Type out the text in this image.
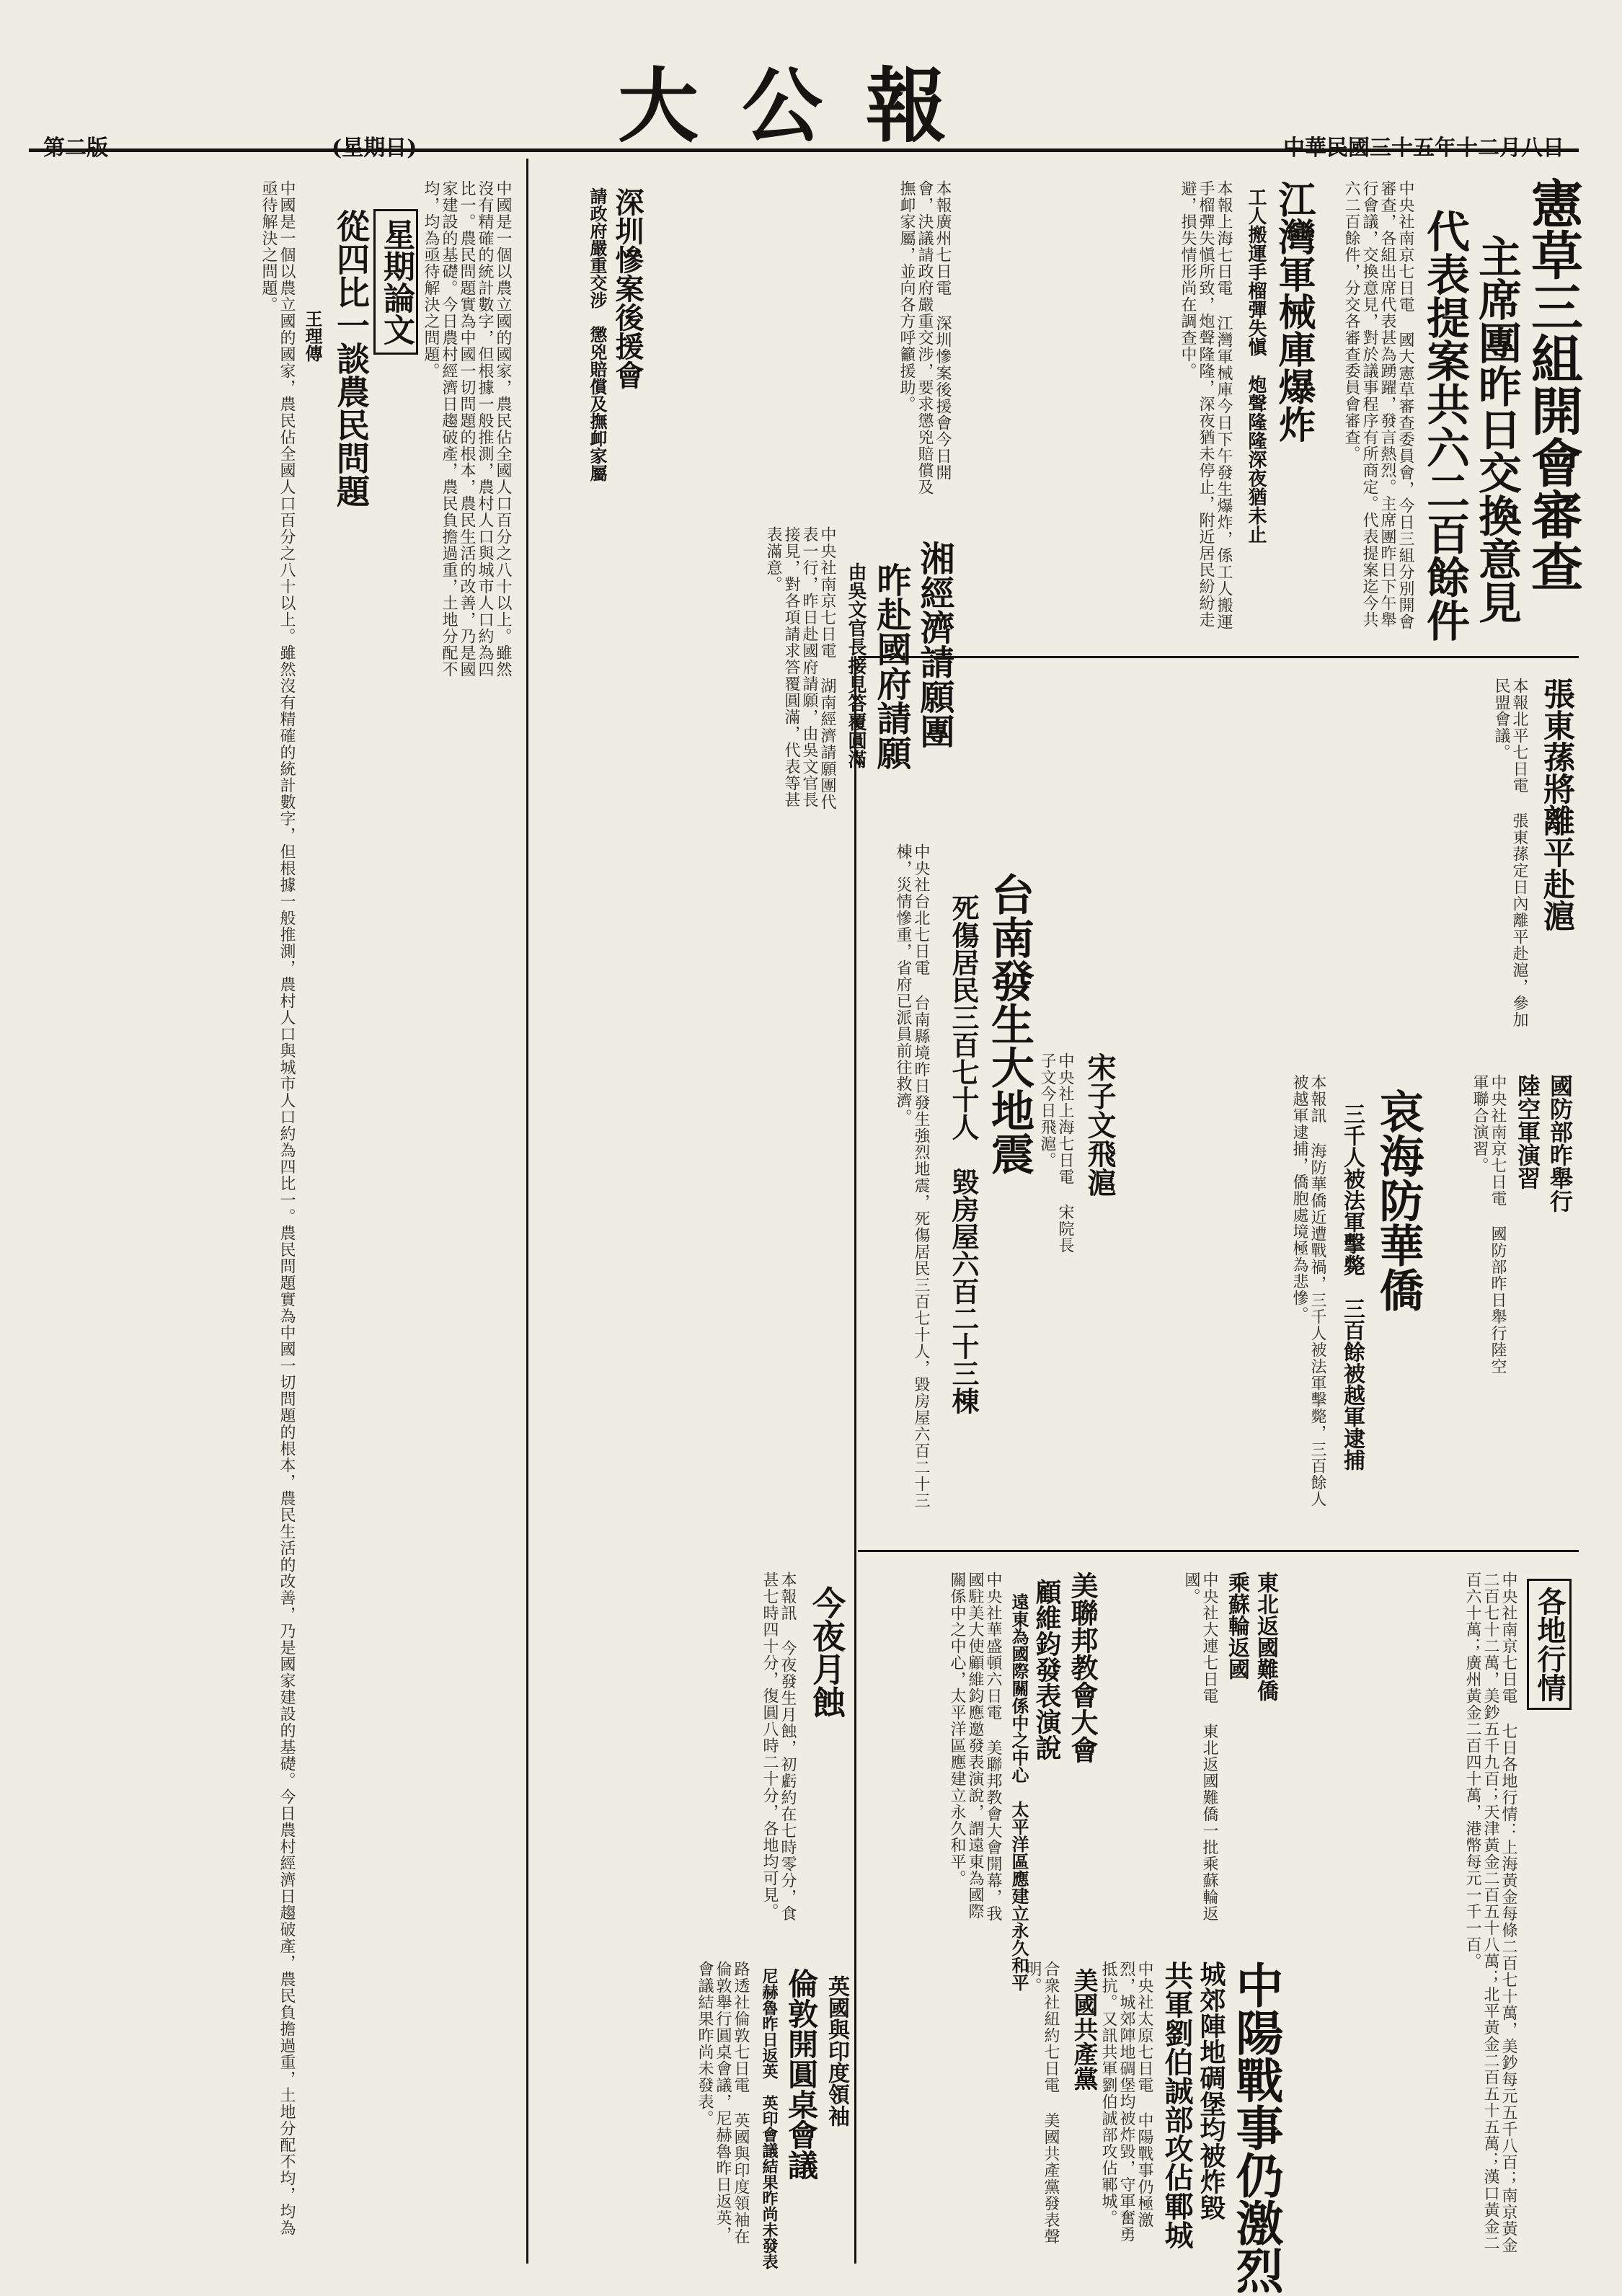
大公報	中華民國三十五年十二月八日
第二版	(星期日)
憲草三組開會審查
主席團昨日交換意見
代表提案共六二百餘件
中央社南京七日電 國大憲草審查委員會，今日三組分別開會審查，各組出席代表甚為踴躍，發言熱烈。主席團昨日下午舉行會議，交換意見，對於議事程序有所商定。代表提案迄今共六二百餘件，分交各審查委員會審查。
張東蓀將離平赴滬
本報北平七日電 張東蓀定日內離平赴滬，參加民盟會議。
宋子文飛滬
中央社上海七日電 宋院長子文今日飛滬。	哀海防華僑
三千人被法軍擊斃　三百餘被越軍逮捕
本報訊 海防華僑近遭戰禍，三千人被法軍擊斃，三百餘人被越軍逮捕，僑胞處境極為悲慘。	國防部昨舉行
陸空軍演習
中央社南京七日電 國防部昨日舉行陸空軍聯合演習。
各地行情
中央社南京七日電 七日各地行情：上海黃金每條二百七十萬，美鈔每元五千八百；南京黃金二百七十二萬，美鈔五千九百；天津黃金二百五十八萬；北平黃金二百五十五萬；漢口黃金二百六十萬；廣州黃金二百四十萬，港幣每元一千一百。
中陽戰事仍激烈
城郊陣地碉堡均被炸毀
共軍劉伯誠部攻佔鄆城
中央社太原七日電 中陽戰事仍極激烈，城郊陣地碉堡均被炸毀，守軍奮勇抵抗。又訊共軍劉伯誠部攻佔鄆城。
東北返國難僑
乘蘇輪返國
中央社大連七日電 東北返國難僑一批乘蘇輪返國。
美聯邦教會大會
顧維鈞發表演說
遠東為國際關係中之中心　太平洋區應建立永久和平
中央社華盛頓六日電 美聯邦教會大會開幕，我國駐美大使顧維鈞應邀發表演說，謂遠東為國際關係中之中心，太平洋區應建立永久和平。
美國共產黨
合衆社紐約七日電 美國共產黨發表聲明。
江灣軍械庫爆炸
工人搬運手榴彈失愼　炮聲隆隆深夜猶未止
本報上海七日電 江灣軍械庫今日下午發生爆炸，係工人搬運手榴彈失愼所致，炮聲隆隆，深夜猶未停止，附近居民紛紛走避，損失情形尚在調查中。
湘經濟請願團
昨赴國府請願
由吳文官長接見答覆圓滿
中央社南京七日電 湖南經濟請願團代表一行，昨日赴國府請願，由吳文官長接見，對各項請求答覆圓滿，代表等甚表滿意。
深圳慘案後援會
請政府嚴重交涉　懲兇賠償及撫卹家屬	本報廣州七日電 深圳慘案後援會今日開會，決議請政府嚴重交涉，要求懲兇賠償及撫卹家屬，並向各方呼籲援助。
台南發生大地震
死傷居民三百七十人　毀房屋六百二十三棟
中央社台北七日電 台南縣境昨日發生強烈地震，死傷居民三百七十人，毀房屋六百二十三棟，災情慘重，省府已派員前往救濟。
今夜月蝕
本報訊 今夜發生月蝕，初虧約在七時零分，食甚七時四十分，復圓八時二十分，各地均可見。
英國與印度領袖
倫敦開圓桌會議
尼赫魯昨日返英　英印會議結果昨尚未發表
路透社倫敦七日電 英國與印度領袖在倫敦舉行圓桌會議，尼赫魯昨日返英，會議結果昨尚未發表。
星期論文
從四比一談農民問題
王理傳	中國是一個以農立國的國家，農民佔全國人口百分之八十以上。雖然沒有精確的統計數字，但根據一般推測，農村人口與城市人口約為四比一。農民問題實為中國一切問題的根本，農民生活的改善，乃是國家建設的基礎。今日農村經濟日趨破產，農民負擔過重，土地分配不均，均為亟待解決之問題。
中國是一個以農立國的國家，農民佔全國人口百分之八十以上。雖然沒有精確的統計數字，但根據一般推測，農村人口與城市人口約為四比一。農民問題實為中國一切問題的根本，農民生活的改善，乃是國家建設的基礎。今日農村經濟日趨破產，農民負擔過重，土地分配不均，均為亟待解決之問題。
